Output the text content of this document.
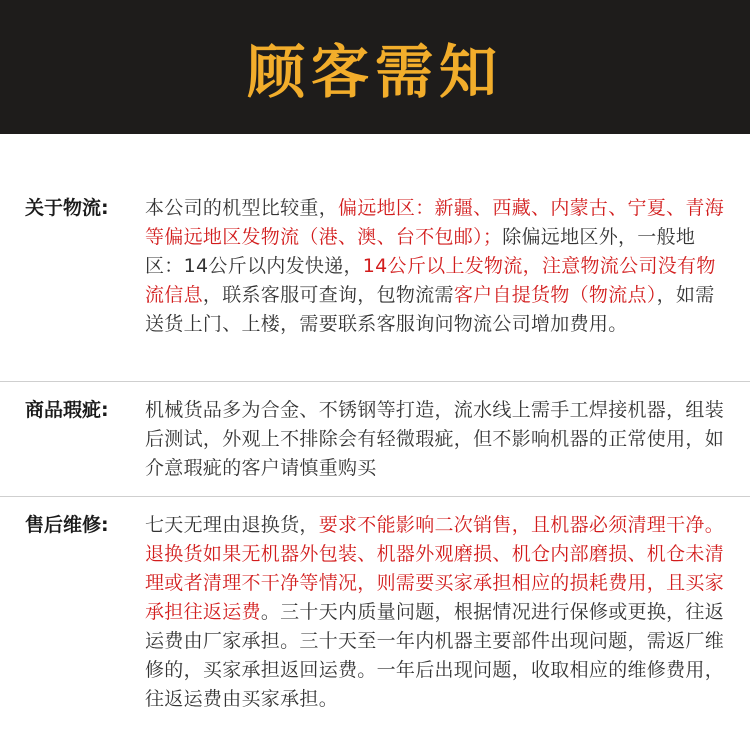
顾客需知
关于物流:	本公司的机型比较重，偏远地区：新疆、西藏、内蒙古、宁夏、青海等偏远地区发物流（港、澳、台不包邮）；除偏远地区外，一般地区：14公斤以内发快递，14公斤以上发物流，注意物流公司没有物流信息，联系客服可查询，包物流需客户自提货物（物流点），如需送货上门、上楼，需要联系客服询问物流公司增加费用。
商品瑕疵:	机械货品多为合金、不锈钢等打造，流水线上需手工焊接机器，组装后测试，外观上不排除会有轻微瑕疵，但不影响机器的正常使用，如介意瑕疵的客户请慎重购买
售后维修:	七天无理由退换货，要求不能影响二次销售，且机器必须清理干净。退换货如果无机器外包装、机器外观磨损、机仓内部磨损、机仓未清理或者清理不干净等情况，则需要买家承担相应的损耗费用，且买家承担往返运费。三十天内质量问题，根据情况进行保修或更换，往返运费由厂家承担。三十天至一年内机器主要部件出现问题，需返厂维修的，买家承担返回运费。一年后出现问题，收取相应的维修费用，往返运费由买家承担。
